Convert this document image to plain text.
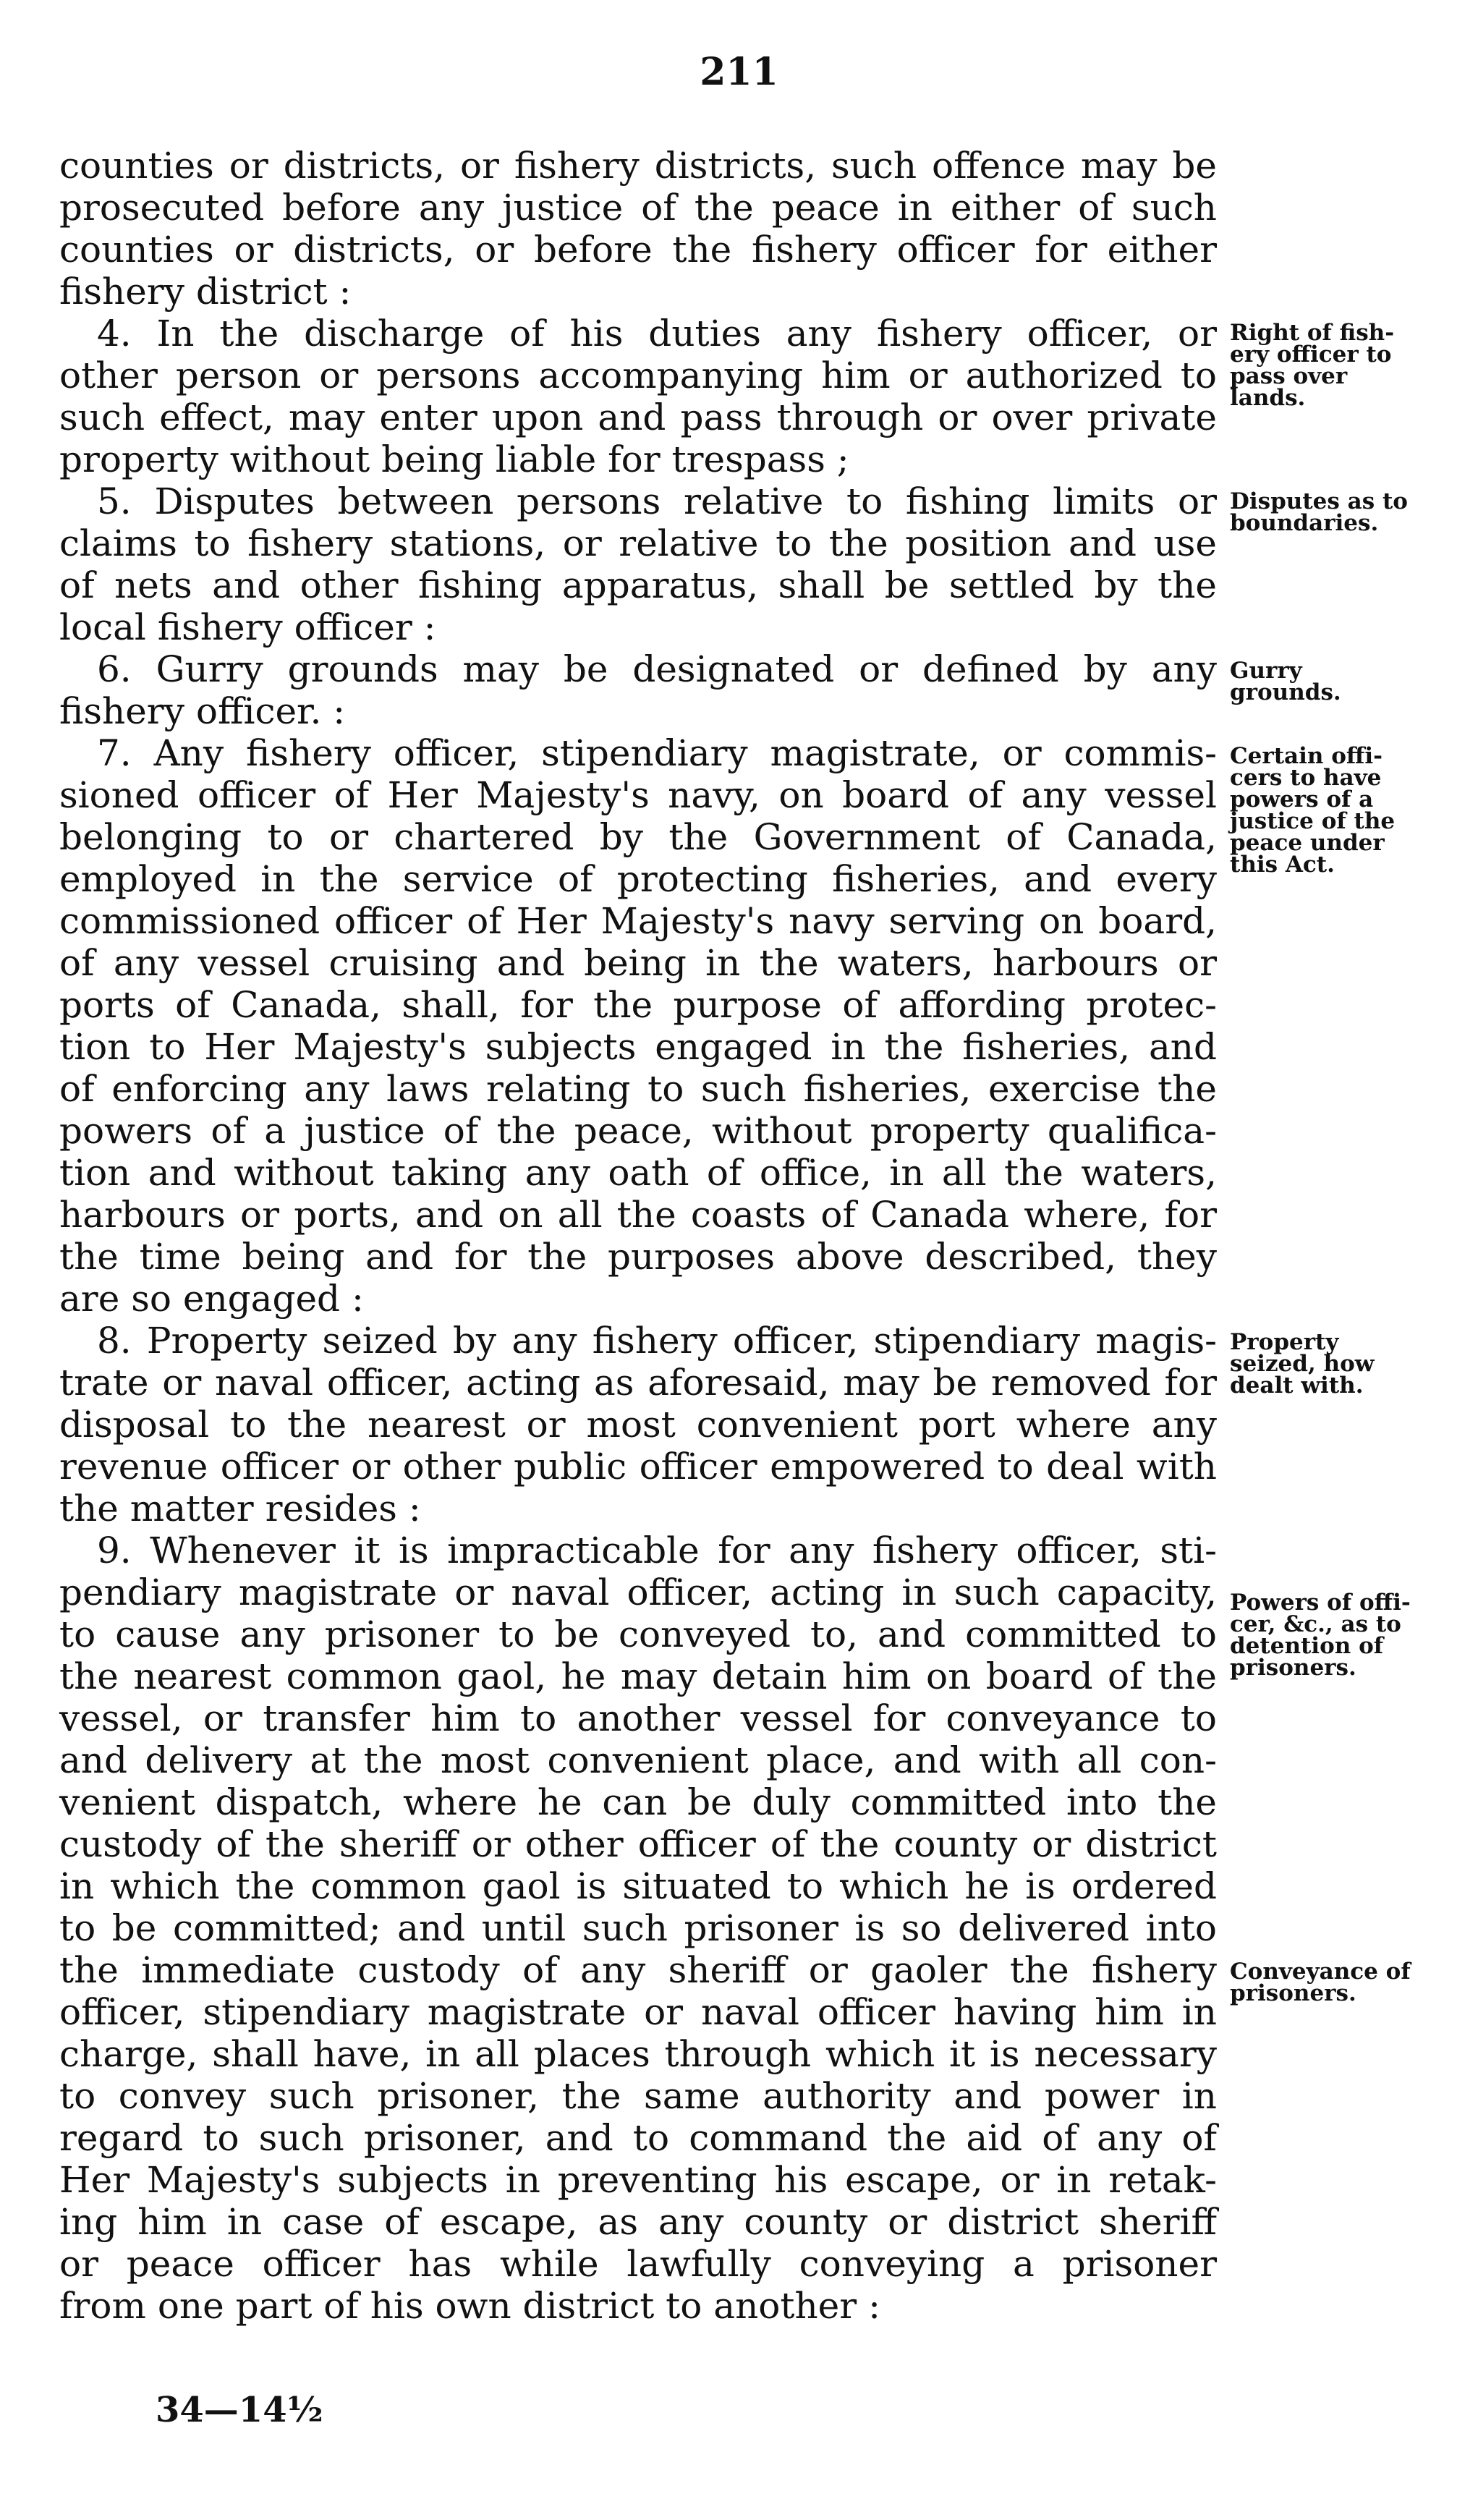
211
counties or districts, or fishery districts, such offence may be
prosecuted before any justice of the peace in either of such
counties or districts, or before the fishery officer for either
fishery district :
4. In the discharge of his duties any fishery officer, or
other person or persons accompanying him or authorized to
such effect, may enter upon and pass through or over private
property without being liable for trespass ;
5. Disputes between persons relative to fishing limits or
claims to fishery stations, or relative to the position and use
of nets and other fishing apparatus, shall be settled by the
local fishery officer :
6. Gurry grounds may be designated or defined by any
fishery officer. :
7. Any fishery officer, stipendiary magistrate, or commis-
sioned officer of Her Majesty's navy, on board of any vessel
belonging to or chartered by the Government of Canada,
employed in the service of protecting fisheries, and every
commissioned officer of Her Majesty's navy serving on board,
of any vessel cruising and being in the waters, harbours or
ports of Canada, shall, for the purpose of affording protec-
tion to Her Majesty's subjects engaged in the fisheries, and
of enforcing any laws relating to such fisheries, exercise the
powers of a justice of the peace, without property qualifica-
tion and without taking any oath of office, in all the waters,
harbours or ports, and on all the coasts of Canada where, for
the time being and for the purposes above described, they
are so engaged :
8. Property seized by any fishery officer, stipendiary magis-
trate or naval officer, acting as aforesaid, may be removed for
disposal to the nearest or most convenient port where any
revenue officer or other public officer empowered to deal with
the matter resides :
9. Whenever it is impracticable for any fishery officer, sti-
pendiary magistrate or naval officer, acting in such capacity,
to cause any prisoner to be conveyed to, and committed to
the nearest common gaol, he may detain him on board of the
vessel, or transfer him to another vessel for conveyance to
and delivery at the most convenient place, and with all con-
venient dispatch, where he can be duly committed into the
custody of the sheriff or other officer of the county or district
in which the common gaol is situated to which he is ordered
to be committed; and until such prisoner is so delivered into
the immediate custody of any sheriff or gaoler the fishery
officer, stipendiary magistrate or naval officer having him in
charge, shall have, in all places through which it is necessary
to convey such prisoner, the same authority and power in
regard to such prisoner, and to command the aid of any of
Her Majesty's subjects in preventing his escape, or in retak-
ing him in case of escape, as any county or district sheriff
or peace officer has while lawfully conveying a prisoner
from one part of his own district to another :
Right of fish-
ery officer to
pass over
lands.
Disputes as to
boundaries.
Gurry
grounds.
Certain offi-
cers to have
powers of a
justice of the
peace under
this Act.
Property
seized, how
dealt with.
Powers of offi-
cer, &c., as to
detention of
prisoners.
Conveyance of
prisoners.
34—14½
